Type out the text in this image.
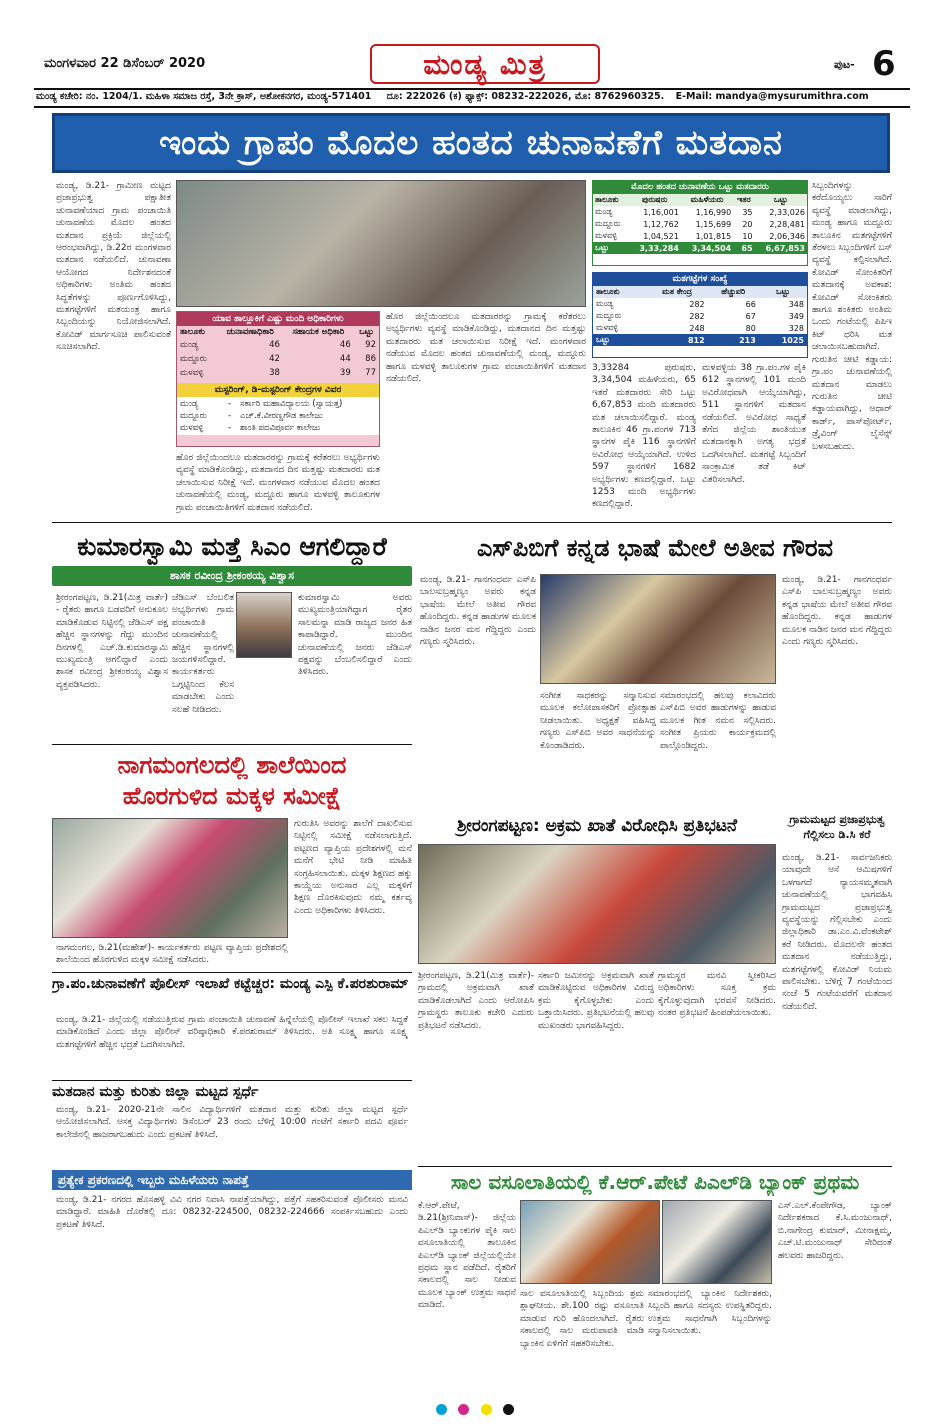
ಮಂಗಳವಾರ 22 ಡಿಸೆಂಬರ್ 2020	ಮಂಡ್ಯ ಮಿತ್ರ	ಪುಟ- 6
ಮಂಡ್ಯ ಕಚೇರಿ: ನಂ. 1204/1. ಮಹಿಳಾ ಸಮಾಜ ರಸ್ತೆ, 3ನೇ ಕ್ರಾಸ್, ಅಶೋಕನಗರ, ಮಂಡ್ಯ-571401 ದೂ: 222026 (ಕ) ಫ್ಯಾಕ್ಸ್: 08232-222026, ಮೊ: 8762960325. E-Mail: mandya@mysurumithra.com
ಇಂದು ಗ್ರಾಪಂ ಮೊದಲ ಹಂತದ ಚುನಾವಣೆಗೆ ಮತದಾನ
ಮಂಡ್ಯ, ಡಿ.21- ಗ್ರಾಮೀಣ ಮಟ್ಟದ ಪ್ರಜಾಪ್ರಭುತ್ವ ಪಕ್ಷಾತೀತ ಚುನಾವಣೆಯಾದ ಗ್ರಾಮ ಪಂಚಾಯಿತಿ ಚುನಾವಣೆಯ ಮೊದಲ ಹಂತದ ಮತದಾನ ಪ್ರಕ್ರಿಯೆ ಜಿಲ್ಲೆಯಲ್ಲಿ ಆರಂಭವಾಗಿದ್ದು, ಡಿ.22ರ ಮಂಗಳವಾರ ಮತದಾನ ನಡೆಯಲಿದೆ. ಚುನಾವಣಾ ಆಯೋಗದ ನಿರ್ದೇಶನದಂತೆ ಅಧಿಕಾರಿಗಳು ಅಂತಿಮ ಹಂತದ ಸಿದ್ಧತೆಗಳನ್ನು ಪೂರ್ಣಗೊಳಿಸಿದ್ದು, ಮತಗಟ್ಟೆಗಳಿಗೆ ಮತಯಂತ್ರ ಹಾಗೂ ಸಿಬ್ಬಂದಿಯನ್ನು ನಿಯೋಜಿಸಲಾಗಿದೆ. ಕೋವಿಡ್ ಮಾರ್ಗಸೂಚಿ ಪಾಲಿಸುವಂತೆ ಸೂಚಿಸಲಾಗಿದೆ.
ಯಾವ ತಾಲ್ಲೂಕಿಗೆ ಎಷ್ಟು ಮಂದಿ ಅಧಿಕಾರಿಗಳು
ತಾಲೂಕು	ಚುನಾವಣಾಧಿಕಾರಿ	ಸಹಾಯಕ ಅಧಿಕಾರಿ	ಒಟ್ಟು
ಮಂಡ್ಯ	46	46	92
ಮದ್ದೂರು	42	44	86
ಮಳವಳ್ಳಿ	38	39	77
ಮಸ್ಟರಿಂಗ್, ಡಿ-ಮಸ್ಟರಿಂಗ್ ಕೇಂದ್ರಗಳ ವಿವರ
ಮಂಡ್ಯ	- ಸರ್ಕಾರಿ ಮಹಾವಿದ್ಯಾಲಯ (ಸ್ವಾಯತ್ತ)
ಮದ್ದೂರು - ಎಚ್.ಕೆ.ವೀರಣ್ಣಗೌಡ ಕಾಲೇಜು
ಮಳವಳ್ಳಿ	- ಶಾಂತಿ ಪದವಿಪೂರ್ವ ಕಾಲೇಜು
ಹೊರ ಜಿಲ್ಲೆಯಿಂದಲೂ ಮತದಾರರನ್ನು ಗ್ರಾಮಕ್ಕೆ ಕರೆತರಲು ಅಭ್ಯರ್ಥಿಗಳು ವ್ಯವಸ್ಥೆ ಮಾಡಿಕೊಂಡಿದ್ದು, ಮತದಾನದ ದಿನ ಮತ್ತಷ್ಟು ಮತದಾರರು ಮತ ಚಲಾಯಿಸುವ ನಿರೀಕ್ಷೆ ಇದೆ. ಮಂಗಳವಾರ ನಡೆಯುವ ಮೊದಲ ಹಂತದ ಚುನಾವಣೆಯಲ್ಲಿ ಮಂಡ್ಯ, ಮದ್ದೂರು ಹಾಗೂ ಮಳವಳ್ಳಿ ತಾಲೂಕುಗಳ ಗ್ರಾಮ ಪಂಚಾಯಿತಿಗಳಿಗೆ ಮತದಾನ ನಡೆಯಲಿದೆ.
ಹೊರ ಜಿಲ್ಲೆಯಿಂದಲೂ ಮತದಾರರನ್ನು ಗ್ರಾಮಕ್ಕೆ ಕರೆತರಲು ಅಭ್ಯರ್ಥಿಗಳು ವ್ಯವಸ್ಥೆ ಮಾಡಿಕೊಂಡಿದ್ದು, ಮತದಾನದ ದಿನ ಮತ್ತಷ್ಟು ಮತದಾರರು ಮತ ಚಲಾಯಿಸುವ ನಿರೀಕ್ಷೆ ಇದೆ. ಮಂಗಳವಾರ ನಡೆಯುವ ಮೊದಲ ಹಂತದ ಚುನಾವಣೆಯಲ್ಲಿ ಮಂಡ್ಯ, ಮದ್ದೂರು ಹಾಗೂ ಮಳವಳ್ಳಿ ತಾಲೂಕುಗಳ ಗ್ರಾಮ ಪಂಚಾಯಿತಿಗಳಿಗೆ ಮತದಾನ ನಡೆಯಲಿದೆ.
ಮೊದಲ ಹಂತದ ಚುನಾವಣೆಯ ಒಟ್ಟು ಮತದಾರರು
ತಾಲೂಕು	ಪುರುಷರು	ಮಹಿಳೆಯರು	ಇತರ	ಒಟ್ಟು
ಮಂಡ್ಯ	1,16,001	1,16,990	35	2,33,026
ಮದ್ದೂರು	1,12,762	1,15,699	20	2,28,481
ಮಳವಳ್ಳಿ	1,04,521	1,01,815	10	2,06,346
ಒಟ್ಟು	3,33,284	3,34,504	65	6,67,853
ಮತಗಟ್ಟೆಗಳ ಸಂಖ್ಯೆ
ತಾಲೂಕು	ಮತ ಕೇಂದ್ರ	ಹೆಚ್ಚುವರಿ	ಒಟ್ಟು
ಮಂಡ್ಯ	282	66	348
ಮದ್ದೂರು	282	67	349
ಮಳವಳ್ಳಿ	248	80	328
ಒಟ್ಟು	812	213	1025
3,33284 ಪುರುಷರು, 3,34,504 ಮಹಿಳೆಯರು, 65 ಇತರೆ ಮತದಾರರು ಸೇರಿ ಒಟ್ಟು 6,67,853 ಮಂದಿ ಮತದಾರರು ಮತ ಚಲಾಯಿಸಲಿದ್ದಾರೆ. ಮಂಡ್ಯ ತಾಲೂಕಿನ 46 ಗ್ರಾ.ಪಂಗಳ 713 ಸ್ಥಾನಗಳ ಪೈಕಿ 116 ಸ್ಥಾನಗಳಿಗೆ ಅವಿರೋಧ ಆಯ್ಕೆಯಾಗಿದೆ. ಉಳಿದ 597 ಸ್ಥಾನಗಳಿಗೆ 1682 ಅಭ್ಯರ್ಥಿಗಳು ಕಣದಲ್ಲಿದ್ದಾರೆ. ಒಟ್ಟು 1253 ಮಂದಿ ಅಭ್ಯರ್ಥಿಗಳು ಕಣದಲ್ಲಿದ್ದಾರೆ.
ಮಳವಳ್ಳಿಯ 38 ಗ್ರಾ.ಪಂ.ಗಳ ಪೈಕಿ 612 ಸ್ಥಾನಗಳಲ್ಲಿ 101 ಮಂದಿ ಅವಿರೋಧವಾಗಿ ಆಯ್ಕೆಯಾಗಿದ್ದು, 511 ಸ್ಥಾನಗಳಿಗೆ ಮತದಾನ ನಡೆಯಲಿದೆ. ಅವಿರೋಧ ಸಾಧ್ಯತೆ ತೆಗೆದ ಜಿಲ್ಲೆಯ ಶಾಂತಿಯುತ ಮತದಾನಕ್ಕಾಗಿ ಅಗತ್ಯ ಭದ್ರತೆ ಒದಗಿಸಲಾಗಿದೆ. ಮತಗಟ್ಟೆ ಸಿಬ್ಬಂದಿಗೆ ಸಾಂಕ್ರಾಮಿಕ ತಡೆ ಕಿಟ್ ವಿತರಿಸಲಾಗಿದೆ.
ಸಿಬ್ಬಂದಿಗಳನ್ನು ಕರೆದೊಯ್ಯಲು ಸಾರಿಗೆ ವ್ಯವಸ್ಥೆ ಮಾಡಲಾಗಿದ್ದು, ಮಂಡ್ಯ ಹಾಗೂ ಮದ್ದೂರು ತಾಲೂಕಿನ ಮತಗಟ್ಟೆಗಳಿಗೆ ತೆರಳಲು ಸಿಬ್ಬಂದಿಗಳಿಗೆ ಬಸ್ ವ್ಯವಸ್ಥೆ ಕಲ್ಪಿಸಲಾಗಿದೆ. ಕೋವಿಡ್ ಸೋಂಕಿತರಿಗೆ ಮತದಾನಕ್ಕೆ ಅವಕಾಶ: ಕೋವಿಡ್ ಸೋಂಕಿತರು ಹಾಗೂ ಶಂಕಿತರು ಅಂತಿಮ ಒಂದು ಗಂಟೆಯಲ್ಲಿ ಪಿಪಿಇ ಕಿಟ್ ಧರಿಸಿ ಮತ ಚಲಾಯಿಸಬಹುದಾಗಿದೆ. ಗುರುತಿನ ಚೀಟಿ ಕಡ್ಡಾಯ: ಗ್ರಾ.ಪಂ ಚುನಾವಣೆಯಲ್ಲಿ ಮತದಾನ ಮಾಡಲು ಗುರುತಿನ ಚೀಟಿ ಕಡ್ಡಾಯವಾಗಿದ್ದು, ಆಧಾರ್ ಕಾರ್ಡ್, ಪಾಸ್‌ಪೋರ್ಟ್, ಡ್ರೈವಿಂಗ್ ಲೈಸೆನ್ಸ್ ಬಳಸಬಹುದು.
ಕುಮಾರಸ್ವಾಮಿ ಮತ್ತೆ ಸಿಎಂ ಆಗಲಿದ್ದಾರೆ
ಶಾಸಕ ರವೀಂದ್ರ ಶ್ರೀಕಂಠಯ್ಯ ವಿಶ್ವಾಸ
ಶ್ರೀರಂಗಪಟ್ಟಣ, ಡಿ.21(ಮಿತ್ರ ವಾರ್ತೆ) - ರೈತರು ಹಾಗೂ ಬಡವರಿಗೆ ಅನುಕೂಲ ಮಾಡಿಕೊಡುವ ನಿಟ್ಟಿನಲ್ಲಿ ಜೆಡಿಎಸ್ ಪಕ್ಷ ಹೆಚ್ಚಿನ ಸ್ಥಾನಗಳನ್ನು ಗೆದ್ದು ಮುಂದಿನ ದಿನಗಳಲ್ಲಿ ಎಚ್.ಡಿ.ಕುಮಾರಸ್ವಾಮಿ ಮುಖ್ಯಮಂತ್ರಿ ಆಗಲಿದ್ದಾರೆ ಎಂದು ಶಾಸಕ ರವೀಂದ್ರ ಶ್ರೀಕಂಠಯ್ಯ ವಿಶ್ವಾಸ ವ್ಯಕ್ತಪಡಿಸಿದರು.
ಜೆಡಿಎಸ್ ಬೆಂಬಲಿತ ಅಭ್ಯರ್ಥಿಗಳು ಗ್ರಾಮ ಪಂಚಾಯಿತಿ ಚುನಾವಣೆಯಲ್ಲಿ ಹೆಚ್ಚಿನ ಸ್ಥಾನಗಳಲ್ಲಿ ಜಯಗಳಿಸಲಿದ್ದಾರೆ. ಕಾರ್ಯಕರ್ತರು ಒಗ್ಗಟ್ಟಿನಿಂದ ಕೆಲಸ ಮಾಡಬೇಕು ಎಂದು ಸಲಹೆ ನೀಡಿದರು.
ಕುಮಾರಸ್ವಾಮಿ ಅವರು ಮುಖ್ಯಮಂತ್ರಿಯಾಗಿದ್ದಾಗ ರೈತರ ಸಾಲಮನ್ನಾ ಮಾಡಿ ರಾಜ್ಯದ ಜನರ ಹಿತ ಕಾಪಾಡಿದ್ದಾರೆ. ಮುಂದಿನ ಚುನಾವಣೆಯಲ್ಲಿ ಜನರು ಜೆಡಿಎಸ್ ಪಕ್ಷವನ್ನು ಬೆಂಬಲಿಸಲಿದ್ದಾರೆ ಎಂದು ತಿಳಿಸಿದರು.
ಎಸ್‌ಪಿಬಿಗೆ ಕನ್ನಡ ಭಾಷೆ ಮೇಲೆ ಅತೀವ ಗೌರವ
ಮಂಡ್ಯ, ಡಿ.21- ಗಾನಗಂಧರ್ವ ಎಸ್‌ಪಿ ಬಾಲಸುಬ್ರಹ್ಮಣ್ಯಂ ಅವರು ಕನ್ನಡ ಭಾಷೆಯ ಮೇಲೆ ಅತೀವ ಗೌರವ ಹೊಂದಿದ್ದರು. ಕನ್ನಡ ಹಾಡುಗಳ ಮೂಲಕ ನಾಡಿನ ಜನರ ಮನ ಗೆದ್ದಿದ್ದರು ಎಂದು ಗಣ್ಯರು ಸ್ಮರಿಸಿದರು.
ಸಂಗೀತ ಸಾಧಕರನ್ನು ಸನ್ಮಾನಿಸುವ ಮೂಲಕ ಕಲೋಪಾಸಕರಿಗೆ ಪ್ರೋತ್ಸಾಹ ನೀಡಲಾಯಿತು. ಅಧ್ಯಕ್ಷತೆ ವಹಿಸಿದ್ದ ಗಣ್ಯರು ಎಸ್‌ಪಿಬಿ ಅವರ ಸಾಧನೆಯನ್ನು ಕೊಂಡಾಡಿದರು.
ಸಮಾರಂಭದಲ್ಲಿ ಹಲವು ಕಲಾವಿದರು ಎಸ್‌ಪಿಬಿ ಅವರ ಹಾಡುಗಳನ್ನು ಹಾಡುವ ಮೂಲಕ ಗೀತ ನಮನ ಸಲ್ಲಿಸಿದರು. ಸಂಗೀತ ಪ್ರಿಯರು ಕಾರ್ಯಕ್ರಮದಲ್ಲಿ ಪಾಲ್ಗೊಂಡಿದ್ದರು.
ಮಂಡ್ಯ, ಡಿ.21- ಗಾನಗಂಧರ್ವ ಎಸ್‌ಪಿ ಬಾಲಸುಬ್ರಹ್ಮಣ್ಯಂ ಅವರು ಕನ್ನಡ ಭಾಷೆಯ ಮೇಲೆ ಅತೀವ ಗೌರವ ಹೊಂದಿದ್ದರು. ಕನ್ನಡ ಹಾಡುಗಳ ಮೂಲಕ ನಾಡಿನ ಜನರ ಮನ ಗೆದ್ದಿದ್ದರು ಎಂದು ಗಣ್ಯರು ಸ್ಮರಿಸಿದರು.
ನಾಗಮಂಗಲದಲ್ಲಿ ಶಾಲೆಯಿಂದ
ಹೊರಗುಳಿದ ಮಕ್ಕಳ ಸಮೀಕ್ಷೆ
ನಾಗಮಂಗಲ, ಡಿ.21(ಮಹೇಶ್)- ಕಾರ್ಯಕರ್ತರು ಪಟ್ಟಣ ವ್ಯಾಪ್ತಿಯ ಪ್ರದೇಶದಲ್ಲಿ ಶಾಲೆಯಿಂದ ಹೊರಗುಳಿದ ಮಕ್ಕಳ ಸಮೀಕ್ಷೆ ನಡೆಸಿದರು.
ಗುರುತಿಸಿ ಅವರನ್ನು ಶಾಲೆಗೆ ದಾಖಲಿಸುವ ನಿಟ್ಟಿನಲ್ಲಿ ಸಮೀಕ್ಷೆ ನಡೆಸಲಾಗುತ್ತಿದೆ. ಪಟ್ಟಣದ ವ್ಯಾಪ್ತಿಯ ಪ್ರದೇಶಗಳಲ್ಲಿ ಮನೆ ಮನೆಗೆ ಭೇಟಿ ನೀಡಿ ಮಾಹಿತಿ ಸಂಗ್ರಹಿಸಲಾಯಿತು. ಮಕ್ಕಳ ಶಿಕ್ಷಣದ ಹಕ್ಕು ಕಾಯ್ದೆಯ ಅನುಸಾರ ಎಲ್ಲ ಮಕ್ಕಳಿಗೆ ಶಿಕ್ಷಣ ದೊರಕಿಸುವುದು ನಮ್ಮ ಕರ್ತವ್ಯ ಎಂದು ಅಧಿಕಾರಿಗಳು ತಿಳಿಸಿದರು.
ಶ್ರೀರಂಗಪಟ್ಟಣ: ಅಕ್ರಮ ಖಾತೆ ವಿರೋಧಿಸಿ ಪ್ರತಿಭಟನೆ
ಶ್ರೀರಂಗಪಟ್ಟಣ, ಡಿ.21(ಮಿತ್ರ ವಾರ್ತೆ)- ಗ್ರಾಮದಲ್ಲಿ ಅಕ್ರಮವಾಗಿ ಖಾತೆ ಮಾಡಿಕೊಡಲಾಗಿದೆ ಎಂದು ಆರೋಪಿಸಿ ಗ್ರಾಮಸ್ಥರು ತಾಲೂಕು ಕಚೇರಿ ಎದುರು ಪ್ರತಿಭಟನೆ ನಡೆಸಿದರು.
ಸರ್ಕಾರಿ ಜಮೀನನ್ನು ಅಕ್ರಮವಾಗಿ ಖಾತೆ ಮಾಡಿಕೊಟ್ಟಿರುವ ಅಧಿಕಾರಿಗಳ ವಿರುದ್ಧ ಕ್ರಮ ಕೈಗೊಳ್ಳಬೇಕು ಎಂದು ಒತ್ತಾಯಿಸಿದರು. ಪ್ರತಿಭಟನೆಯಲ್ಲಿ ಹಲವು ಮುಖಂಡರು ಭಾಗವಹಿಸಿದ್ದರು.
ಗ್ರಾಮಸ್ಥರ ಮನವಿ ಸ್ವೀಕರಿಸಿದ ಅಧಿಕಾರಿಗಳು ಸೂಕ್ತ ಕ್ರಮ ಕೈಗೊಳ್ಳುವುದಾಗಿ ಭರವಸೆ ನೀಡಿದರು. ನಂತರ ಪ್ರತಿಭಟನೆ ಹಿಂಪಡೆಯಲಾಯಿತು.
ಗ್ರಾಮಮಟ್ಟದ ಪ್ರಜಾಪ್ರಭುತ್ವ ಗೆಲ್ಲಿಸಲು ಡಿ.ಸಿ ಕರೆ
ಮಂಡ್ಯ, ಡಿ.21- ಸಾರ್ವಜನಿಕರು ಯಾವುದೇ ಆಸೆ ಆಮಿಷಗಳಿಗೆ ಒಳಗಾಗದೆ ನ್ಯಾಯಸಮ್ಮತವಾಗಿ ಚುನಾವಣೆಯಲ್ಲಿ ಭಾಗವಹಿಸಿ ಗ್ರಾಮಮಟ್ಟದ ಪ್ರಜಾಪ್ರಭುತ್ವ ವ್ಯವಸ್ಥೆಯನ್ನು ಗೆಲ್ಲಿಸಬೇಕು ಎಂದು ಜಿಲ್ಲಾಧಿಕಾರಿ ಡಾ.ಎಂ.ವಿ.ವೆಂಕಟೇಶ್ ಕರೆ ನೀಡಿದರು. ಮೊದಲನೇ ಹಂತದ ಮತದಾನ ನಡೆಯುತ್ತಿದ್ದು, ಮತಗಟ್ಟೆಗಳಲ್ಲಿ ಕೋವಿಡ್ ನಿಯಮ ಪಾಲಿಸಬೇಕು. ಬೆಳಿಗ್ಗೆ 7 ಗಂಟೆಯಿಂದ ಸಂಜೆ 5 ಗಂಟೆಯವರೆಗೆ ಮತದಾನ ನಡೆಯಲಿದೆ.
ಗ್ರಾ.ಪಂ.ಚುನಾವಣೆಗೆ ಪೊಲೀಸ್ ಇಲಾಖೆ ಕಟ್ಟೆಚ್ಚರ: ಮಂಡ್ಯ ಎಸ್ಪಿ ಕೆ.ಪರಶುರಾಮ್
ಮಂಡ್ಯ, ಡಿ.21- ಜಿಲ್ಲೆಯಲ್ಲಿ ನಡೆಯುತ್ತಿರುವ ಗ್ರಾಮ ಪಂಚಾಯಿತಿ ಚುನಾವಣೆ ಹಿನ್ನೆಲೆಯಲ್ಲಿ ಪೊಲೀಸ್ ಇಲಾಖೆ ಸಕಲ ಸಿದ್ಧತೆ ಮಾಡಿಕೊಂಡಿದೆ ಎಂದು ಜಿಲ್ಲಾ ಪೊಲೀಸ್ ವರಿಷ್ಠಾಧಿಕಾರಿ ಕೆ.ಪರಶುರಾಮ್ ತಿಳಿಸಿದರು. ಅತಿ ಸೂಕ್ಷ್ಮ ಹಾಗೂ ಸೂಕ್ಷ್ಮ ಮತಗಟ್ಟೆಗಳಿಗೆ ಹೆಚ್ಚಿನ ಭದ್ರತೆ ಒದಗಿಸಲಾಗಿದೆ.
ಮತದಾನ ಮತ್ತು ಕುರಿತು ಜಿಲ್ಲಾ ಮಟ್ಟದ ಸ್ಪರ್ಧೆ
ಮಂಡ್ಯ, ಡಿ.21- 2020-21ನೇ ಸಾಲಿನ ವಿದ್ಯಾರ್ಥಿಗಳಿಗೆ ಮತದಾನ ಮತ್ತು ಕುರಿತು ಜಿಲ್ಲಾ ಮಟ್ಟದ ಸ್ಪರ್ಧೆ ಆಯೋಜಿಸಲಾಗಿದೆ. ಆಸಕ್ತ ವಿದ್ಯಾರ್ಥಿಗಳು ಡಿಸೆಂಬರ್ 23 ರಂದು ಬೆಳಿಗ್ಗೆ 10:00 ಗಂಟೆಗೆ ಸರ್ಕಾರಿ ಪದವಿ ಪೂರ್ವ ಕಾಲೇಜಿನಲ್ಲಿ ಹಾಜರಾಗಬಹುದು ಎಂದು ಪ್ರಕಟಣೆ ತಿಳಿಸಿದೆ.
ಪ್ರತ್ಯೇಕ ಪ್ರಕರಣದಲ್ಲಿ ಇಬ್ಬರು ಮಹಿಳೆಯರು ನಾಪತ್ತೆ
ಮಂಡ್ಯ, ಡಿ.21- ನಗರದ ಹೊಸಹಳ್ಳಿ ವಿವಿ ನಗರ ನಿವಾಸಿ ನಾಪತ್ತೆಯಾಗಿದ್ದು, ಪತ್ತೆಗೆ ಸಹಕರಿಸುವಂತೆ ಪೊಲೀಸರು ಮನವಿ ಮಾಡಿದ್ದಾರೆ. ಮಾಹಿತಿ ದೊರೆತಲ್ಲಿ ದೂ: 08232-224500, 08232-224666 ಸಂಪರ್ಕಿಸಬಹುದು ಎಂದು ಪ್ರಕಟಣೆ ತಿಳಿಸಿದೆ.
ಸಾಲ ವಸೂಲಾತಿಯಲ್ಲಿ ಕೆ.ಆರ್.ಪೇಟೆ ಪಿಎಲ್‌ಡಿ ಬ್ಯಾಂಕ್ ಪ್ರಥಮ
ಕೆ.ಆರ್.ಪೇಟೆ, ಡಿ.21(ಶ್ರೀನಿವಾಸ್)- ಜಿಲ್ಲೆಯ ಪಿಎಲ್‌ಡಿ ಬ್ಯಾಂಕುಗಳ ಪೈಕಿ ಸಾಲ ವಸೂಲಾತಿಯಲ್ಲಿ ತಾಲೂಕಿನ ಪಿಎಲ್‌ಡಿ ಬ್ಯಾಂಕ್ ಜಿಲ್ಲೆಯಲ್ಲಿಯೇ ಪ್ರಥಮ ಸ್ಥಾನ ಪಡೆದಿದೆ. ರೈತರಿಗೆ ಸಕಾಲದಲ್ಲಿ ಸಾಲ ನೀಡುವ ಮೂಲಕ ಬ್ಯಾಂಕ್ ಉತ್ತಮ ಸಾಧನೆ ಮಾಡಿದೆ.
ಸಾಲ ವಸೂಲಾತಿಯಲ್ಲಿ ಸಿಬ್ಬಂದಿಯ ಶ್ರಮ ಶ್ಲಾಘನೀಯ. ಶೇ.100 ರಷ್ಟು ವಸೂಲಾತಿ ಮಾಡುವ ಗುರಿ ಹೊಂದಲಾಗಿದೆ. ರೈತರು ಸಕಾಲದಲ್ಲಿ ಸಾಲ ಮರುಪಾವತಿ ಮಾಡಿ ಬ್ಯಾಂಕಿನ ಏಳಿಗೆಗೆ ಸಹಕರಿಸಬೇಕು.
ಸಮಾರಂಭದಲ್ಲಿ ಬ್ಯಾಂಕಿನ ನಿರ್ದೇಶಕರು, ಸಿಬ್ಬಂದಿ ಹಾಗೂ ಸದಸ್ಯರು ಉಪಸ್ಥಿತರಿದ್ದರು. ಉತ್ತಮ ಸಾಧನೆಗಾಗಿ ಸಿಬ್ಬಂದಿಗಳನ್ನು ಸನ್ಮಾನಿಸಲಾಯಿತು.
ಎಸ್.ಎಲ್.ಕೆಂಪೇಗೌಡ, ಬ್ಯಾಂಕ್ ನಿರ್ದೇಶಕರಾದ ಕೆ.ಸಿ.ಮಂಜುನಾಥ್, ಬಿ.ನಾಗೇಂದ್ರ ಕುಮಾರ್, ಮೀನಾಕ್ಷಮ್ಮ, ಎಚ್.ಟಿ.ಮಂಜುನಾಥ್ ಸೇರಿದಂತೆ ಹಲವರು ಹಾಜರಿದ್ದರು.
